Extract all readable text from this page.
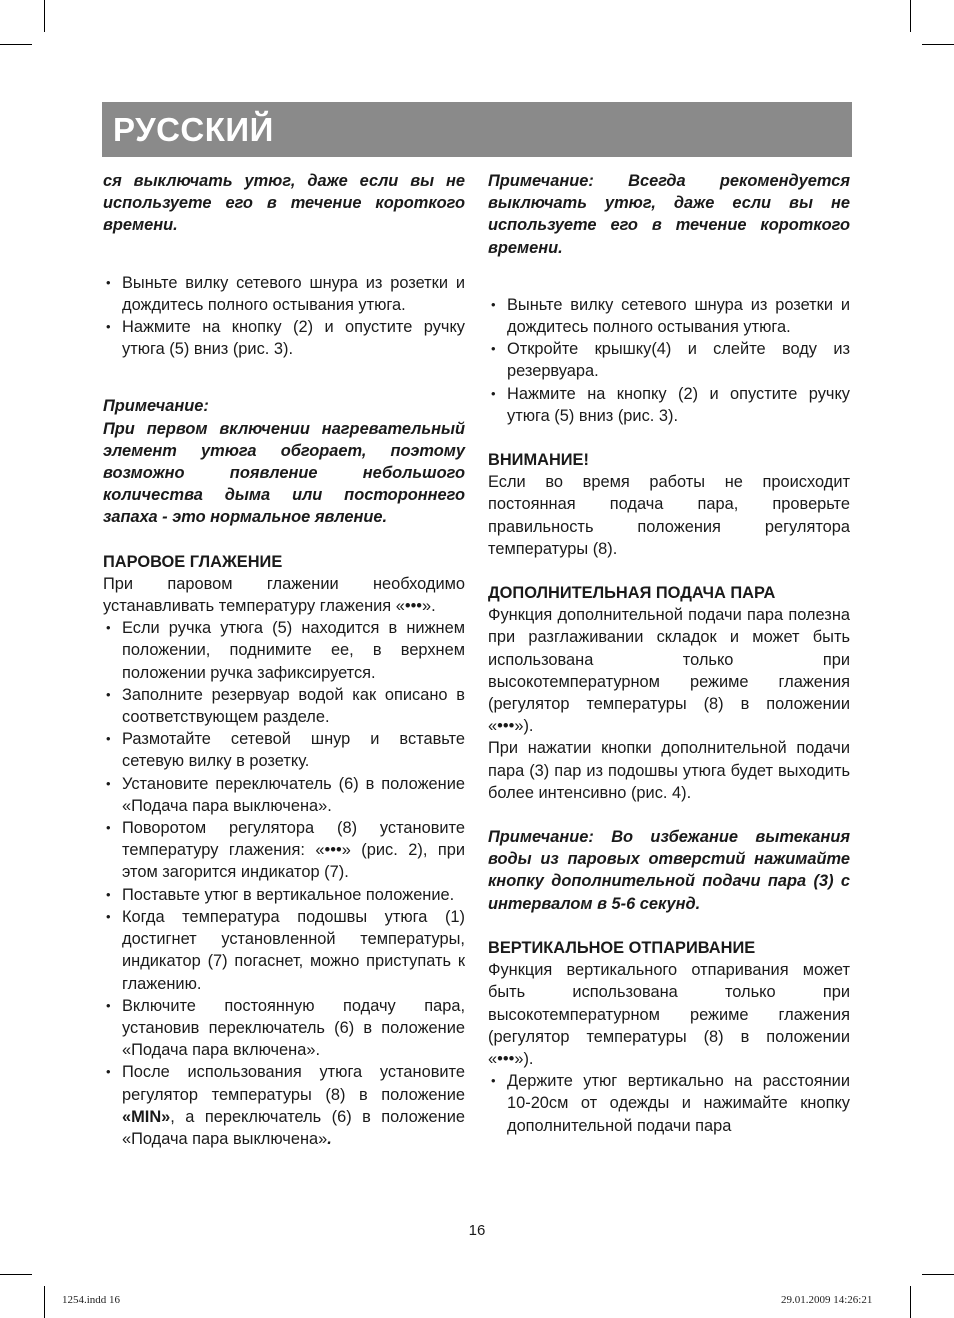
РУССКИЙ

ся выключать утюг, даже если вы не используете его в течение короткого времени.

• Выньте вилку сетевого шнура из розетки и дождитесь полного остывания утюга.
• Нажмите на кнопку (2) и опустите ручку утюга (5) вниз (рис. 3).

Примечание:

При первом включении нагревательный элемент утюга обгорает, поэтому возможно появление небольшого количества дыма или постороннего запаха - это нормальное явление.

ПАРОВОЕ ГЛАЖЕНИЕ

При паровом глажении необходимо устанавливать температуру глажения «•••».

• Если ручка утюга (5) находится в нижнем положении, поднимите ее, в верхнем положении ручка зафиксируется.
• Заполните резервуар водой как описано в соответствующем разделе.
• Размотайте сетевой шнур и вставьте сетевую вилку в розетку.
• Установите переключатель (6) в положение «Подача пара выключена».
• Поворотом регулятора (8) установите температуру глажения: «•••» (рис. 2), при этом загорится индикатор (7).
• Поставьте утюг в вертикальное положение.
• Когда температура подошвы утюга (1) достигнет установленной температуры, индикатор (7) погаснет, можно приступать к глажению.
• Включите постоянную подачу пара, установив переключатель (6) в положение «Подача пара включена».
• После использования утюга установите регулятор температуры (8) в положение «MIN», а переключатель (6) в положение «Подача пара выключена».

Примечание: Всегда рекомендуется выключать утюг, даже если вы не используете его в течение короткого времени.

• Выньте вилку сетевого шнура из розетки и дождитесь полного остывания утюга.
• Откройте крышку(4) и слейте воду из резервуара.
• Нажмите на кнопку (2) и опустите ручку утюга (5) вниз (рис. 3).

ВНИМАНИЕ!

Если во время работы не происходит постоянная подача пара, проверьте правильность положения регулятора температуры (8).

ДОПОЛНИТЕЛЬНАЯ ПОДАЧА ПАРА

Функция дополнительной подачи пара полезна при разглаживании складок и может быть использована только при высокотемпературном режиме глажения (регулятор температуры (8) в положении «•••»).

При нажатии кнопки дополнительной подачи пара (3) пар из подошвы утюга будет выходить более интенсивно (рис. 4).

Примечание: Во избежание вытекания воды из паровых отверстий нажимайте кнопку дополнительной подачи пара (3) с интервалом в 5-6 секунд.

ВЕРТИКАЛЬНОЕ ОТПАРИВАНИЕ

Функция вертикального отпаривания может быть использована только при высокотемпературном режиме глажения (регулятор температуры (8) в положении «•••»).

• Держите утюг вертикально на расстоянии 10-20см от одежды и нажимайте кнопку дополнительной подачи пара
16
1254.indd 16	29.01.2009 14:26:21
